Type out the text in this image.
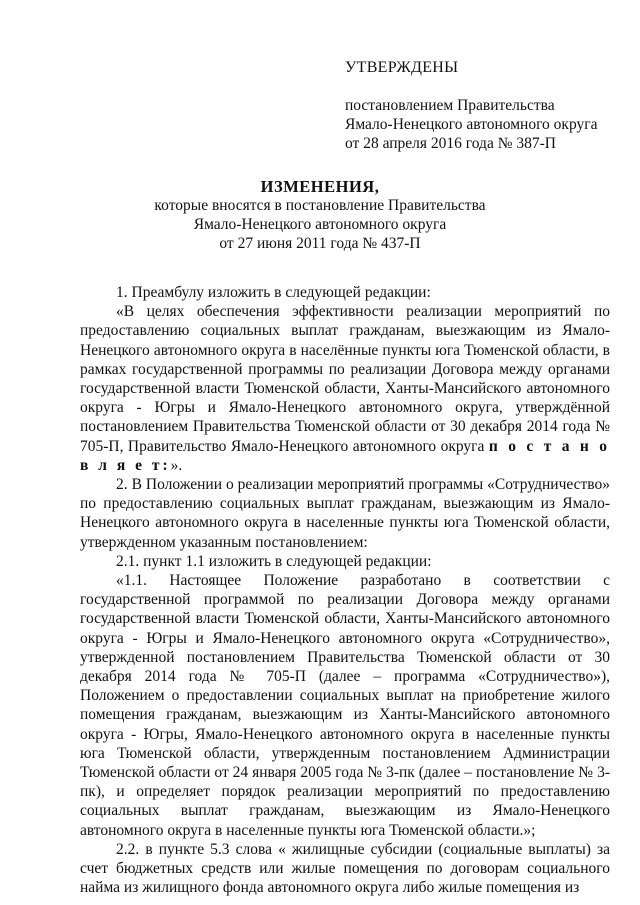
УТВЕРЖДЕНЫ
постановлением Правительства
Ямало-Ненецкого автономного округа
от 28 апреля 2016 года № 387-П
ИЗМЕНЕНИЯ,
которые вносятся в постановление Правительства
Ямало-Ненецкого автономного округа
от 27 июня 2011 года № 437-П

1. Преамбулу изложить в следующей редакции:

«В целях обеспечения эффективности реализации мероприятий по предоставлению социальных выплат гражданам, выезжающим из Ямало-Ненецкого автономного округа в населённые пункты юга Тюменской области, в рамках государственной программы по реализации Договора между органами государственной власти Тюменской области, Ханты-Мансийского автономного округа - Югры и Ямало-Ненецкого автономного округа, утверждённой постановлением Правительства Тюменской области от 30 декабря 2014 года № 705-П, Правительство Ямало-Ненецкого автономного округа п о с т а н о в л я е т:».

2. В Положении о реализации мероприятий программы «Сотрудничество» по предоставлению социальных выплат гражданам, выезжающим из Ямало-Ненецкого автономного округа в населенные пункты юга Тюменской области, утвержденном указанным постановлением:

2.1. пункт 1.1 изложить в следующей редакции:

«1.1. Настоящее Положение разработано в соответствии с государственной программой по реализации Договора между органами государственной власти Тюменской области, Ханты-Мансийского автономного округа - Югры и Ямало-Ненецкого автономного округа «Сотрудничество», утвержденной постановлением Правительства Тюменской области от 30 декабря 2014 года № 705-П (далее – программа «Сотрудничество»), Положением о предоставлении социальных выплат на приобретение жилого помещения гражданам, выезжающим из Ханты-Мансийского автономного округа - Югры, Ямало-Ненецкого автономного округа в населенные пункты юга Тюменской области, утвержденным постановлением Администрации Тюменской области от 24 января 2005 года № 3-пк (далее – постановление № 3-пк), и определяет порядок реализации мероприятий по предоставлению социальных выплат гражданам, выезжающим из Ямало-Ненецкого автономного округа в населенные пункты юга Тюменской области.»;

2.2. в пункте 5.3 слова « жилищные субсидии (социальные выплаты) за счет бюджетных средств или жилые помещения по договорам социального найма из жилищного фонда автономного округа либо жилые помещения из
